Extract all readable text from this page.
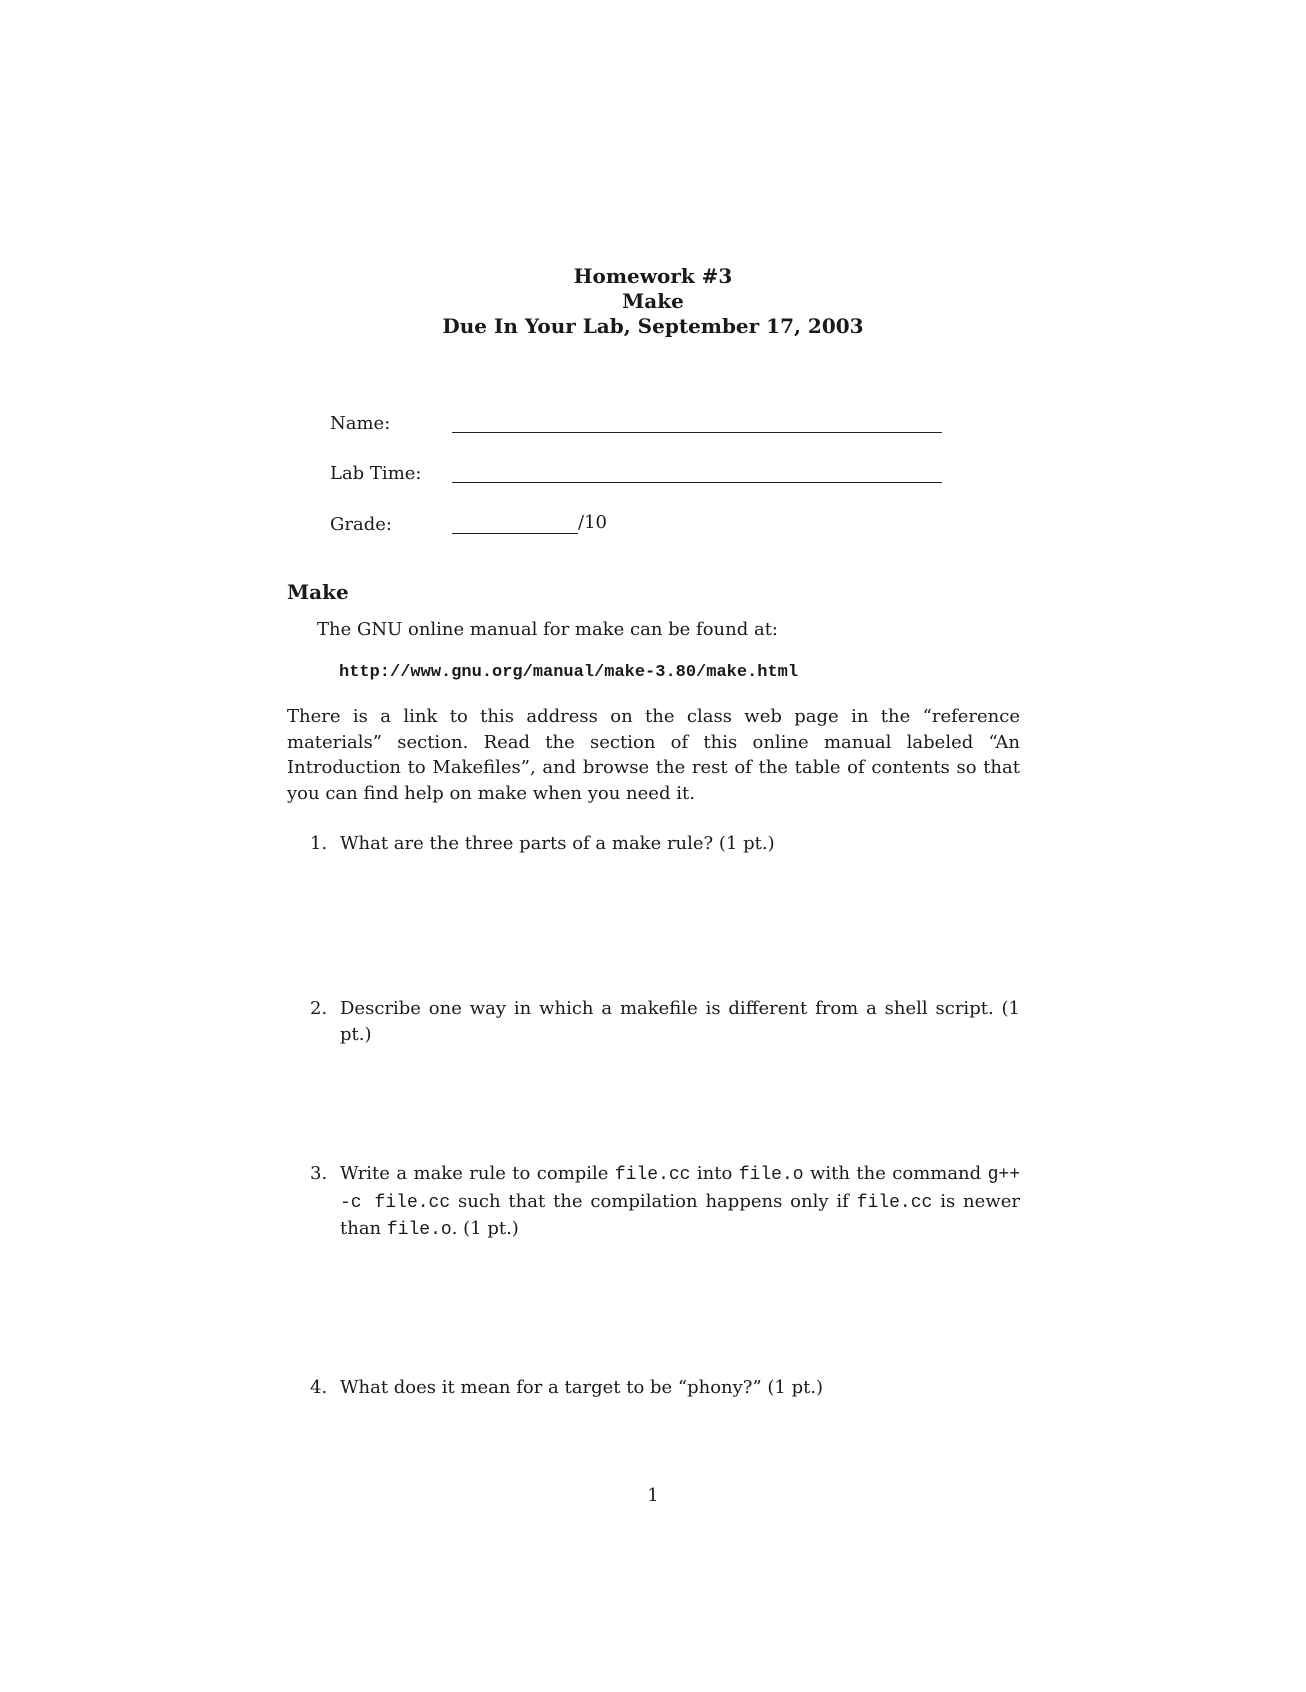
Homework #3
Make
Due In Your Lab, September 17, 2003
Name:
Lab Time:
Grade:	/10
Make
The GNU online manual for make can be found at:
http://www.gnu.org/manual/make-3.80/make.html
There is a link to this address on the class web page in the “reference materials” section. Read the section of this online manual labeled “An Introduction to Makefiles”, and browse the rest of the table of contents so that you can find help on make when you need it.
1. What are the three parts of a make rule? (1 pt.)
2. Describe one way in which a makefile is different from a shell script. (1 pt.)
3. Write a make rule to compile file.cc into file.o with the command g++ -c file.cc such that the compilation happens only if file.cc is newer than file.o. (1 pt.)
4. What does it mean for a target to be “phony?” (1 pt.)
1
